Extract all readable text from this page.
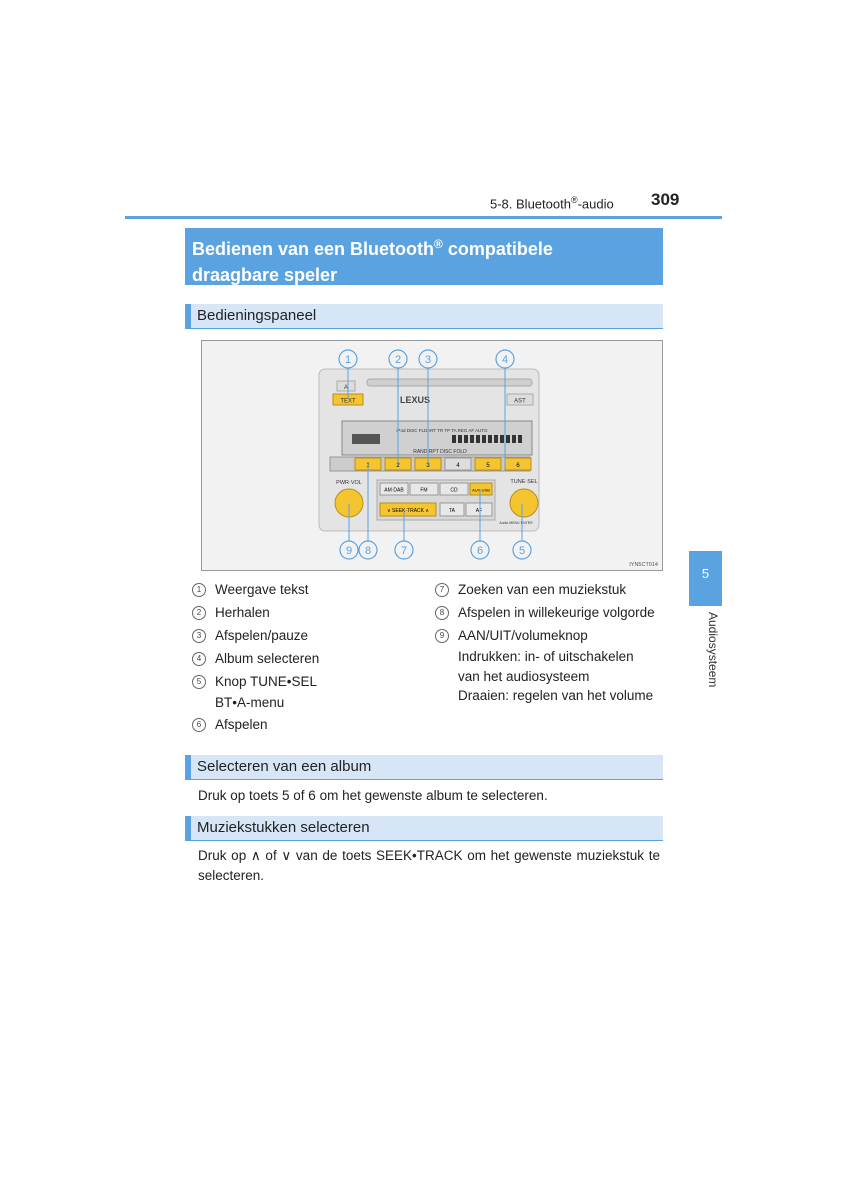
5-8. Bluetooth®-audio 309
Bedienen van een Bluetooth® compatibele
draagbare speler
Bedieningspaneel
A
TEXT	LEXUS	AST
iPod DISC FLDART TR TP TA REG AF AUTO
RAND RPT DISC FOLD
1	2	3	4	5	6
PWR·VOL	TUNE·SEL
AM·DAB	FM	CD	AUX·USB
∨ SEEK·TRACK ∧	TA	AF
Audio MENU·ENTER
1	2 3	4
9 8	7	6	5
IYN5CT014
1	Weergave tekst
2	Herhalen
3	Afspelen/pauze
4	Album selecteren
5	Knop TUNE•SEL
BT•A-menu
6	Afspelen
7	Zoeken van een muziekstuk
8	Afspelen in willekeurige volgorde
9	AAN/UIT/volumeknop
Indrukken: in- of uitschakelen
van het audiosysteem
Draaien: regelen van het volume
Selecteren van een album
Druk op toets 5 of 6 om het gewenste album te selecteren.
Muziekstukken selecteren
Druk op ∧ of ∨ van de toets SEEK•TRACK om het gewenste muziekstuk te selecteren.
5
Audiosysteem
